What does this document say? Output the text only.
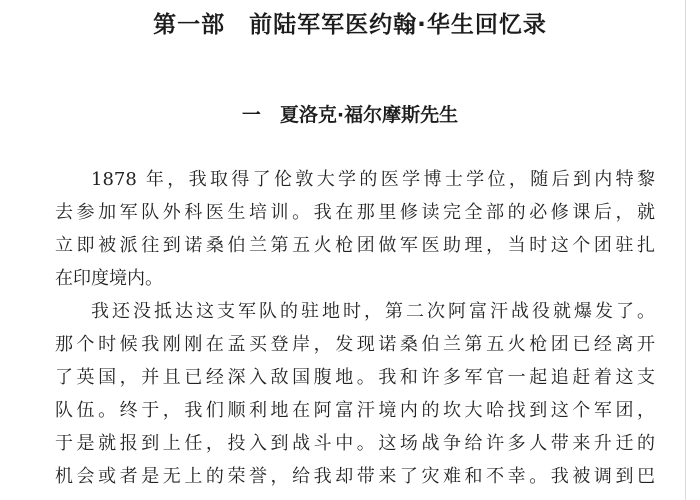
第一部　前陆军军医约翰·华生回忆录
一　夏洛克·福尔摩斯先生
1878 年，我取得了伦敦大学的医学博士学位，随后到内特黎
去参加军队外科医生培训。我在那里修读完全部的必修课后，就
立即被派往到诺桑伯兰第五火枪团做军医助理，当时这个团驻扎
在印度境内。
我还没抵达这支军队的驻地时，第二次阿富汗战役就爆发了。
那个时候我刚刚在孟买登岸，发现诺桑伯兰第五火枪团已经离开
了英国，并且已经深入敌国腹地。我和许多军官一起追赶着这支
队伍。终于，我们顺利地在阿富汗境内的坎大哈找到这个军团，
于是就报到上任，投入到战斗中。这场战争给许多人带来升迁的
机会或者是无上的荣誉，给我却带来了灾难和不幸。我被调到巴
